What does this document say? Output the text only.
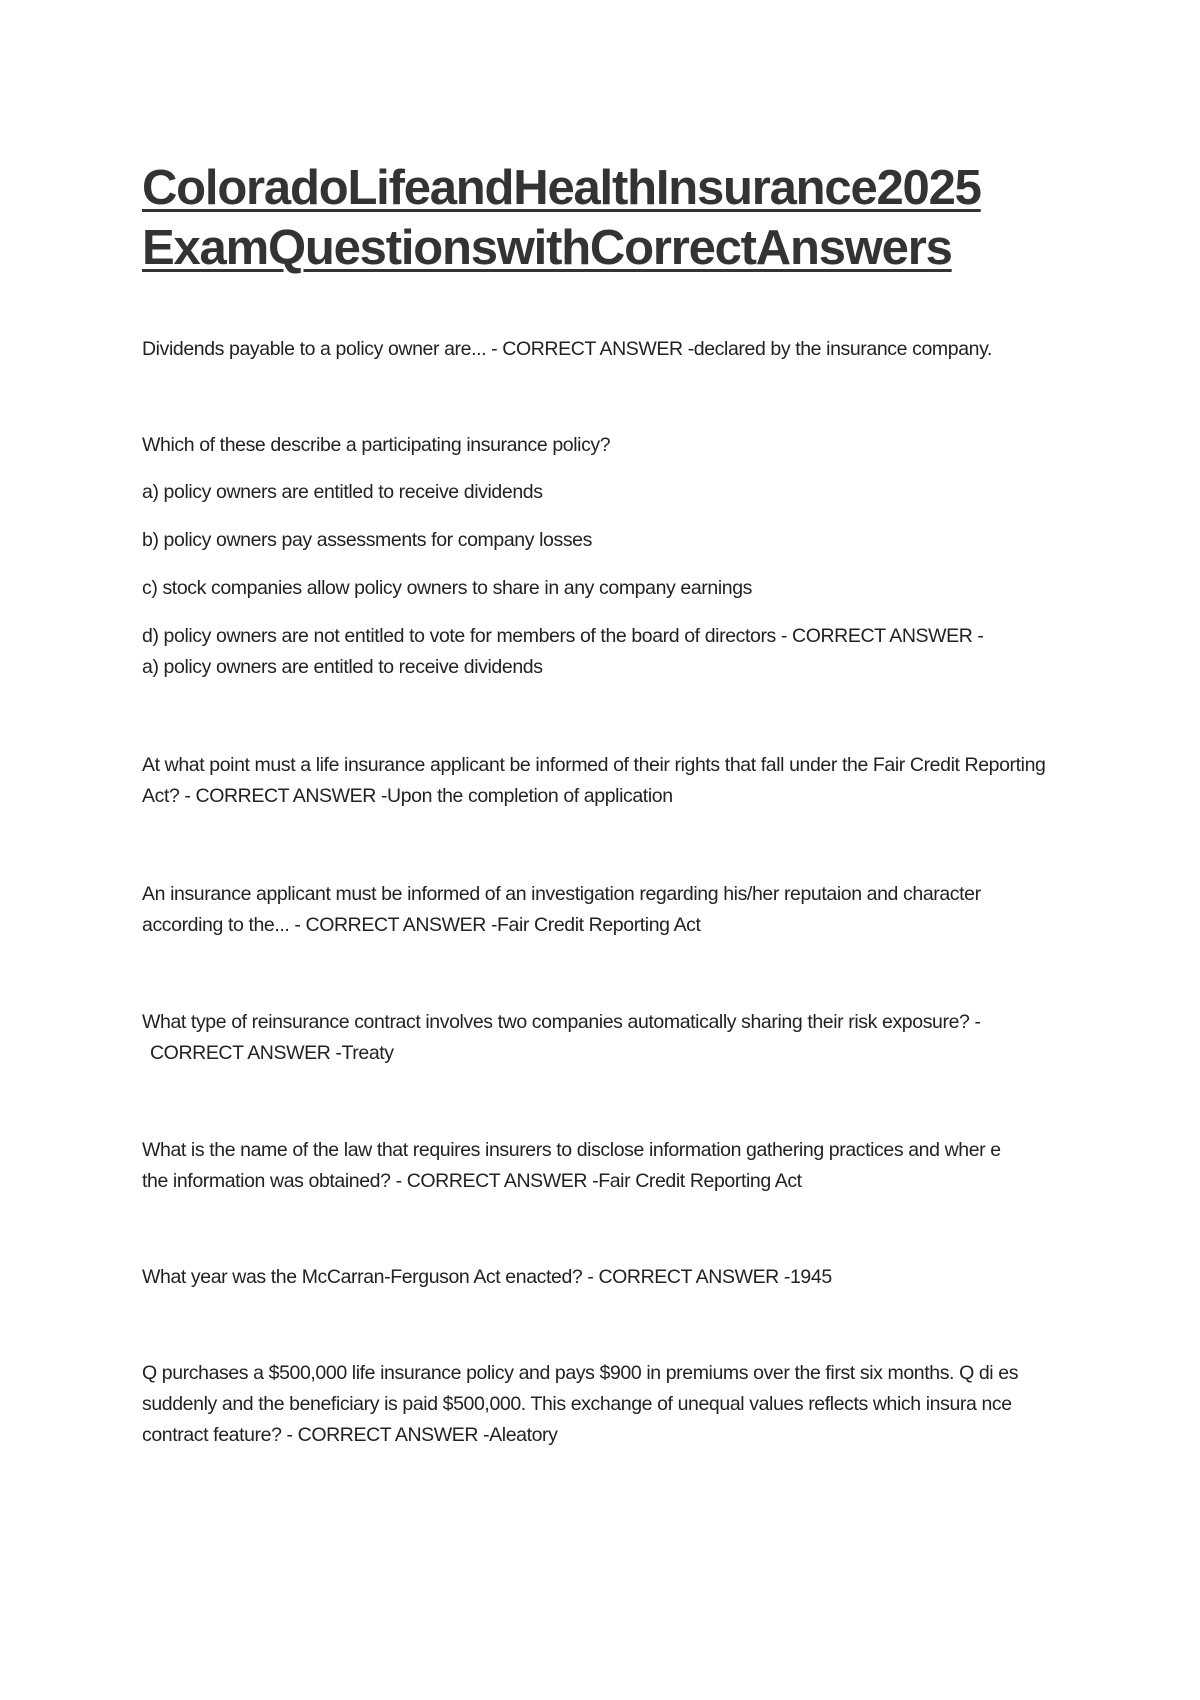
ColoradoLifeandHealthInsurance2025
ExamQuestionswithCorrectAnswers

Dividends payable to a policy owner are... - CORRECT ANSWER -declared by the insurance company.

Which of these describe a participating insurance policy?

a) policy owners are entitled to receive dividends

b) policy owners pay assessments for company losses

c) stock companies allow policy owners to share in any company earnings

d) policy owners are not entitled to vote for members of the board of directors - CORRECT ANSWER -

a) policy owners are entitled to receive dividends

At what point must a life insurance applicant be informed of their rights that fall under the Fair Credit Reporting

Act? - CORRECT ANSWER -Upon the completion of application

An insurance applicant must be informed of an investigation regarding his/her reputaion and character

according to the... - CORRECT ANSWER -Fair Credit Reporting Act

What type of reinsurance contract involves two companies automatically sharing their risk exposure? -

CORRECT ANSWER -Treaty

What is the name of the law that requires insurers to disclose information gathering practices and wher e

the information was obtained? - CORRECT ANSWER -Fair Credit Reporting Act

What year was the McCarran-Ferguson Act enacted? - CORRECT ANSWER -1945

Q purchases a $500,000 life insurance policy and pays $900 in premiums over the first six months. Q di es

suddenly and the beneficiary is paid $500,000. This exchange of unequal values reflects which insura nce

contract feature? - CORRECT ANSWER -Aleatory
